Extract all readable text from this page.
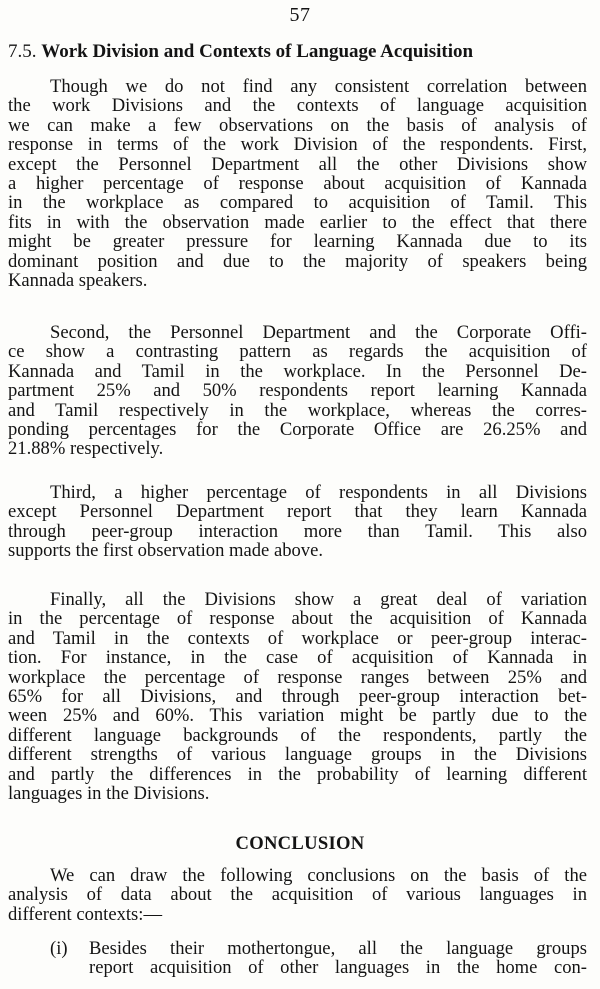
57
7.5. Work Division and Contexts of Language Acquisition
Though we do not find any consistent correlation between
the work Divisions and the contexts of language acquisition
we can make a few observations on the basis of analysis of
response in terms of the work Division of the respondents. First,
except the Personnel Department all the other Divisions show
a higher percentage of response about acquisition of Kannada
in the workplace as compared to acquisition of Tamil. This
fits in with the observation made earlier to the effect that there
might be greater pressure for learning Kannada due to its
dominant position and due to the majority of speakers being
Kannada speakers.
Second, the Personnel Department and the Corporate Offi-
ce show a contrasting pattern as regards the acquisition of
Kannada and Tamil in the workplace. In the Personnel De-
partment 25% and 50% respondents report learning Kannada
and Tamil respectively in the workplace, whereas the corres-
ponding percentages for the Corporate Office are 26.25% and
21.88% respectively.
Third, a higher percentage of respondents in all Divisions
except Personnel Department report that they learn Kannada
through peer-group interaction more than Tamil. This also
supports the first observation made above.
Finally, all the Divisions show a great deal of variation
in the percentage of response about the acquisition of Kannada
and Tamil in the contexts of workplace or peer-group interac-
tion. For instance, in the case of acquisition of Kannada in
workplace the percentage of response ranges between 25% and
65% for all Divisions, and through peer-group interaction bet-
ween 25% and 60%. This variation might be partly due to the
different language backgrounds of the respondents, partly the
different strengths of various language groups in the Divisions
and partly the differences in the probability of learning different
languages in the Divisions.
CONCLUSION
We can draw the following conclusions on the basis of the
analysis of data about the acquisition of various languages in
different contexts:—
(i) Besides their mothertongue, all the language groups
report acquisition of other languages in the home con-
